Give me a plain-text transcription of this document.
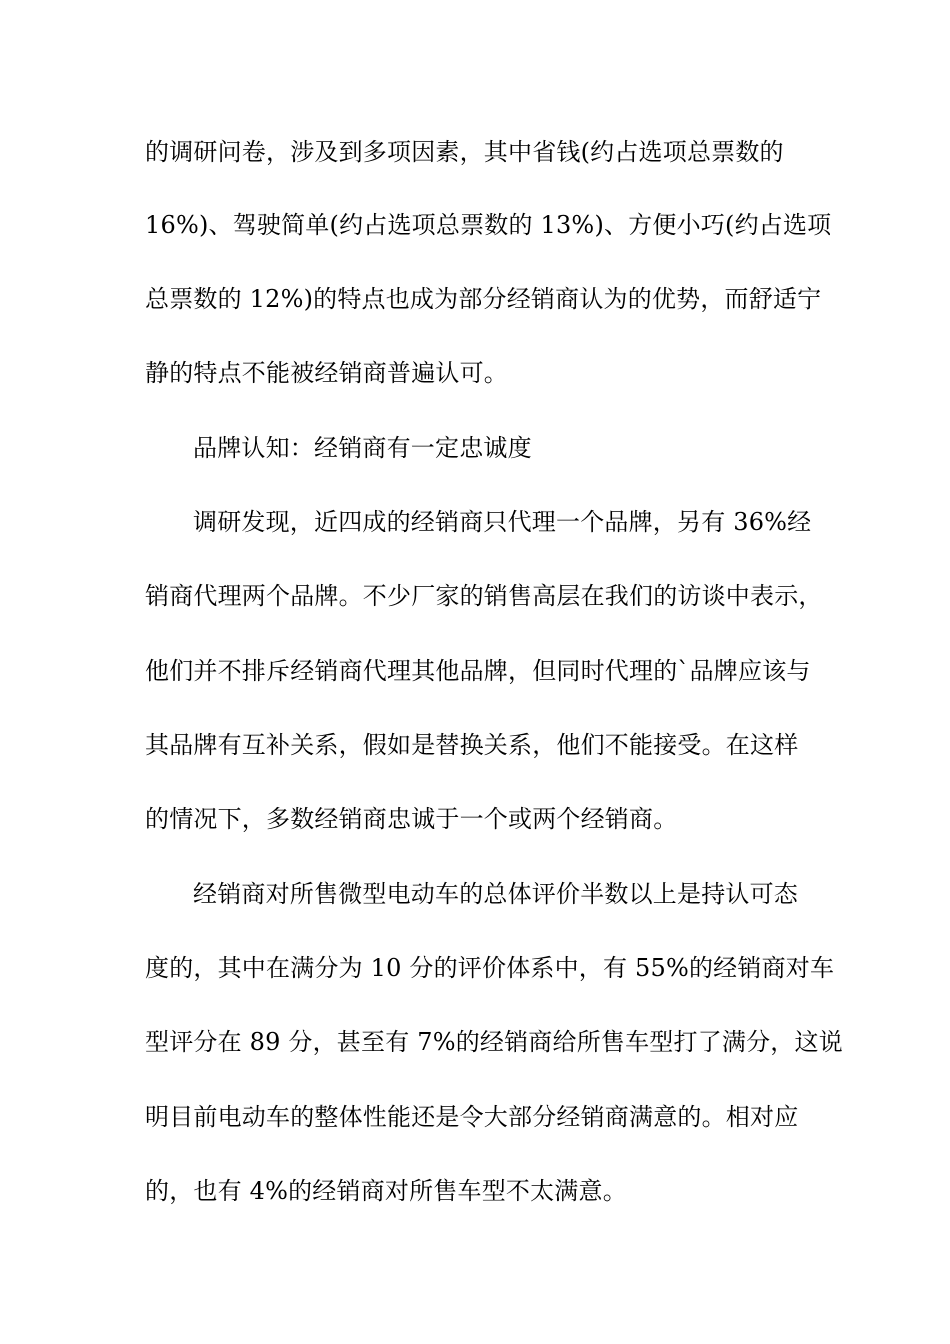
的调研问卷，涉及到多项因素，其中省钱(约占选项总票数的
16%)、驾驶简单(约占选项总票数的 13%)、方便小巧(约占选项
总票数的 12%)的特点也成为部分经销商认为的优势，而舒适宁
静的特点不能被经销商普遍认可。
品牌认知：经销商有一定忠诚度
调研发现，近四成的经销商只代理一个品牌，另有 36%经
销商代理两个品牌。不少厂家的销售高层在我们的访谈中表示，
他们并不排斥经销商代理其他品牌，但同时代理的`品牌应该与
其品牌有互补关系，假如是替换关系，他们不能接受。在这样
的情况下，多数经销商忠诚于一个或两个经销商。
经销商对所售微型电动车的总体评价半数以上是持认可态
度的，其中在满分为 10 分的评价体系中，有 55%的经销商对车
型评分在 89 分，甚至有 7%的经销商给所售车型打了满分，这说
明目前电动车的整体性能还是令大部分经销商满意的。相对应
的，也有 4%的经销商对所售车型不太满意。
